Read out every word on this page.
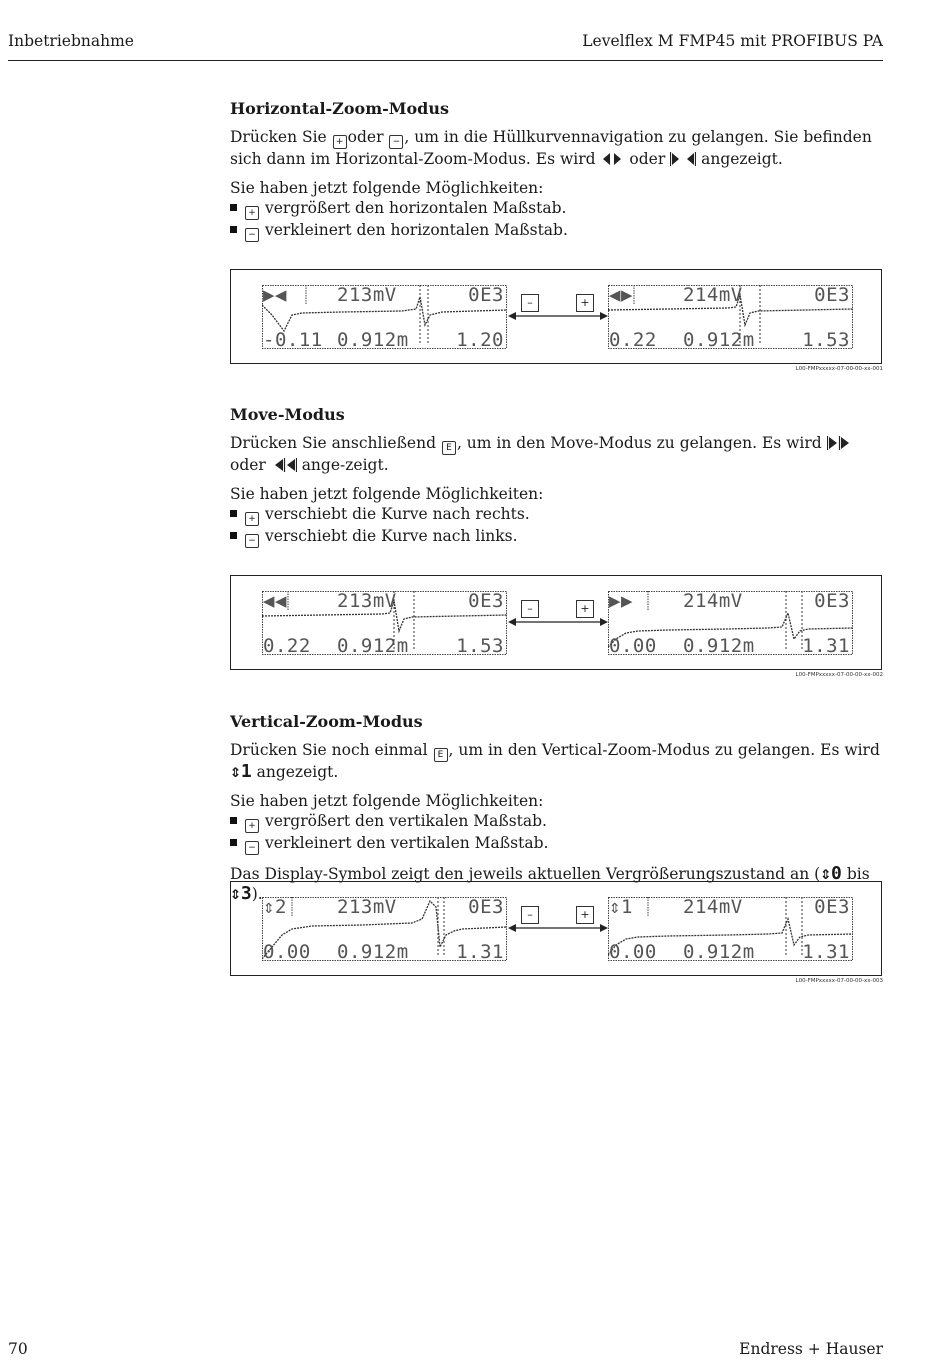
Inbetriebnahme	Levelflex M FMP45 mit PROFIBUS PA
Horizontal-Zoom-Modus

Drücken Sie + oder − , um in die Hüllkurvennavigation zu gelangen. Sie befinden sich dann im Horizontal-Zoom-Modus. Es wird  oder  angezeigt.

Sie haben jetzt folgende Möglichkeiten:

+ vergrößert den horizontalen Maßstab.
− verkleinert den horizontalen Maßstab.
▶◀	213mV	0E3
-0.11 0.912m	1.20
–	+ ◀▶	214mV	0E3
0.22 0.912m	1.53
L00-FMPxxxxx-07-00-00-xx-001
Move-Modus

Drücken Sie anschließend E , um in den Move-Modus zu gelangen. Es wird  oder  ange-zeigt.

Sie haben jetzt folgende Möglichkeiten:

+ verschiebt die Kurve nach rechts.
− verschiebt die Kurve nach links.
◀◀	213mV	0E3
0.22 0.912m	1.53
–	+ ▶▶	214mV	0E3
0.00 0.912m	1.31
L00-FMPxxxxx-07-00-00-xx-002
Vertical-Zoom-Modus

Drücken Sie noch einmal E , um in den Vertical-Zoom-Modus zu gelangen. Es wird ⇕1 angezeigt.

Sie haben jetzt folgende Möglichkeiten:

+ vergrößert den vertikalen Maßstab.
− verkleinert den vertikalen Maßstab.

Das Display-Symbol zeigt den jeweils aktuellen Vergrößerungszustand an (⇕0 bis ⇕3).

⇕2	213mV	0E3
0.00 0.912m	1.31
–	+ ⇕1	214mV	0E3
0.00 0.912m	1.31
L00-FMPxxxxx-07-00-00-xx-003
70	Endress + Hauser
